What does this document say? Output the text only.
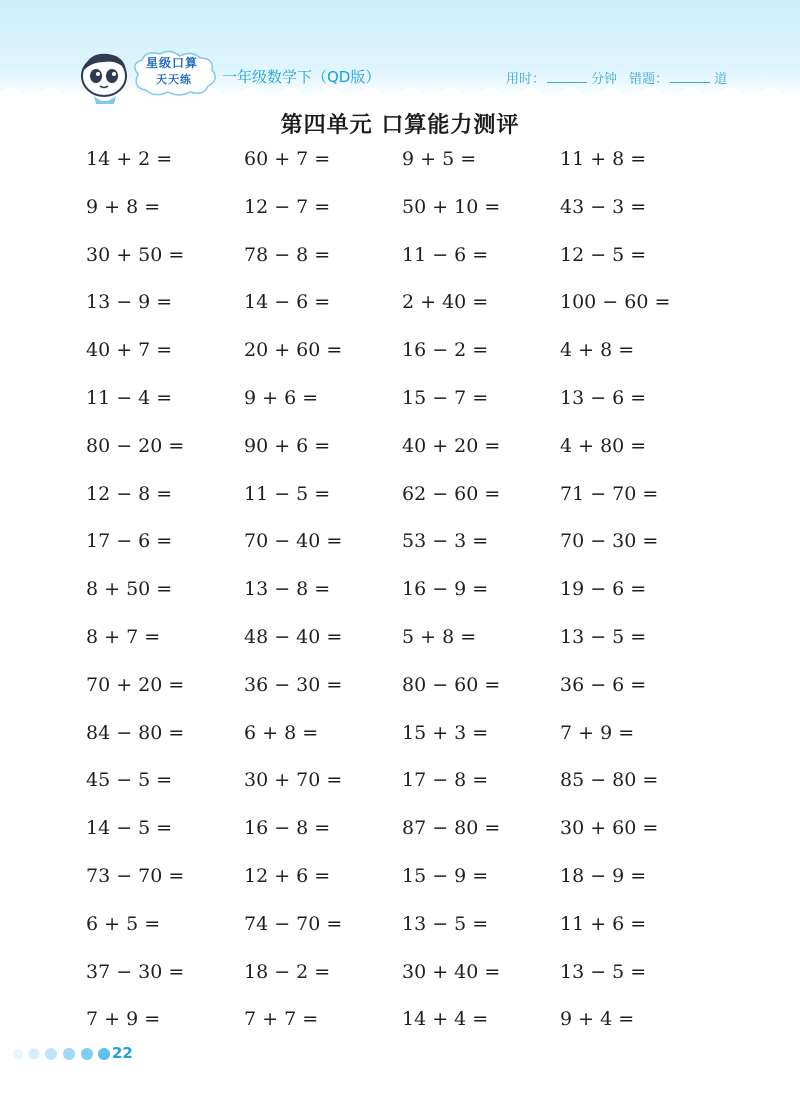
星级口算
天天练 一年级数学下（QD版）	用时：	分钟 错题：	道
第四单元 口算能力测评
14 + 2 =	60 + 7 =	9 + 5 =	11 + 8 =
9 + 8 =	12 − 7 =	50 + 10 =	43 − 3 =
30 + 50 =	78 − 8 =	11 − 6 =	12 − 5 =
13 − 9 =	14 − 6 =	2 + 40 =	100 − 60 =
40 + 7 =	20 + 60 =	16 − 2 =	4 + 8 =
11 − 4 =	9 + 6 =	15 − 7 =	13 − 6 =
80 − 20 =	90 + 6 =	40 + 20 =	4 + 80 =
12 − 8 =	11 − 5 =	62 − 60 =	71 − 70 =
17 − 6 =	70 − 40 =	53 − 3 =	70 − 30 =
8 + 50 =	13 − 8 =	16 − 9 =	19 − 6 =
8 + 7 =	48 − 40 =	5 + 8 =	13 − 5 =
70 + 20 =	36 − 30 =	80 − 60 =	36 − 6 =
84 − 80 =	6 + 8 =	15 + 3 =	7 + 9 =
45 − 5 =	30 + 70 =	17 − 8 =	85 − 80 =
14 − 5 =	16 − 8 =	87 − 80 =	30 + 60 =
73 − 70 =	12 + 6 =	15 − 9 =	18 − 9 =
6 + 5 =	74 − 70 =	13 − 5 =	11 + 6 =
37 − 30 =	18 − 2 =	30 + 40 =	13 − 5 =
7 + 9 =	7 + 7 =	14 + 4 =	9 + 4 =
22
